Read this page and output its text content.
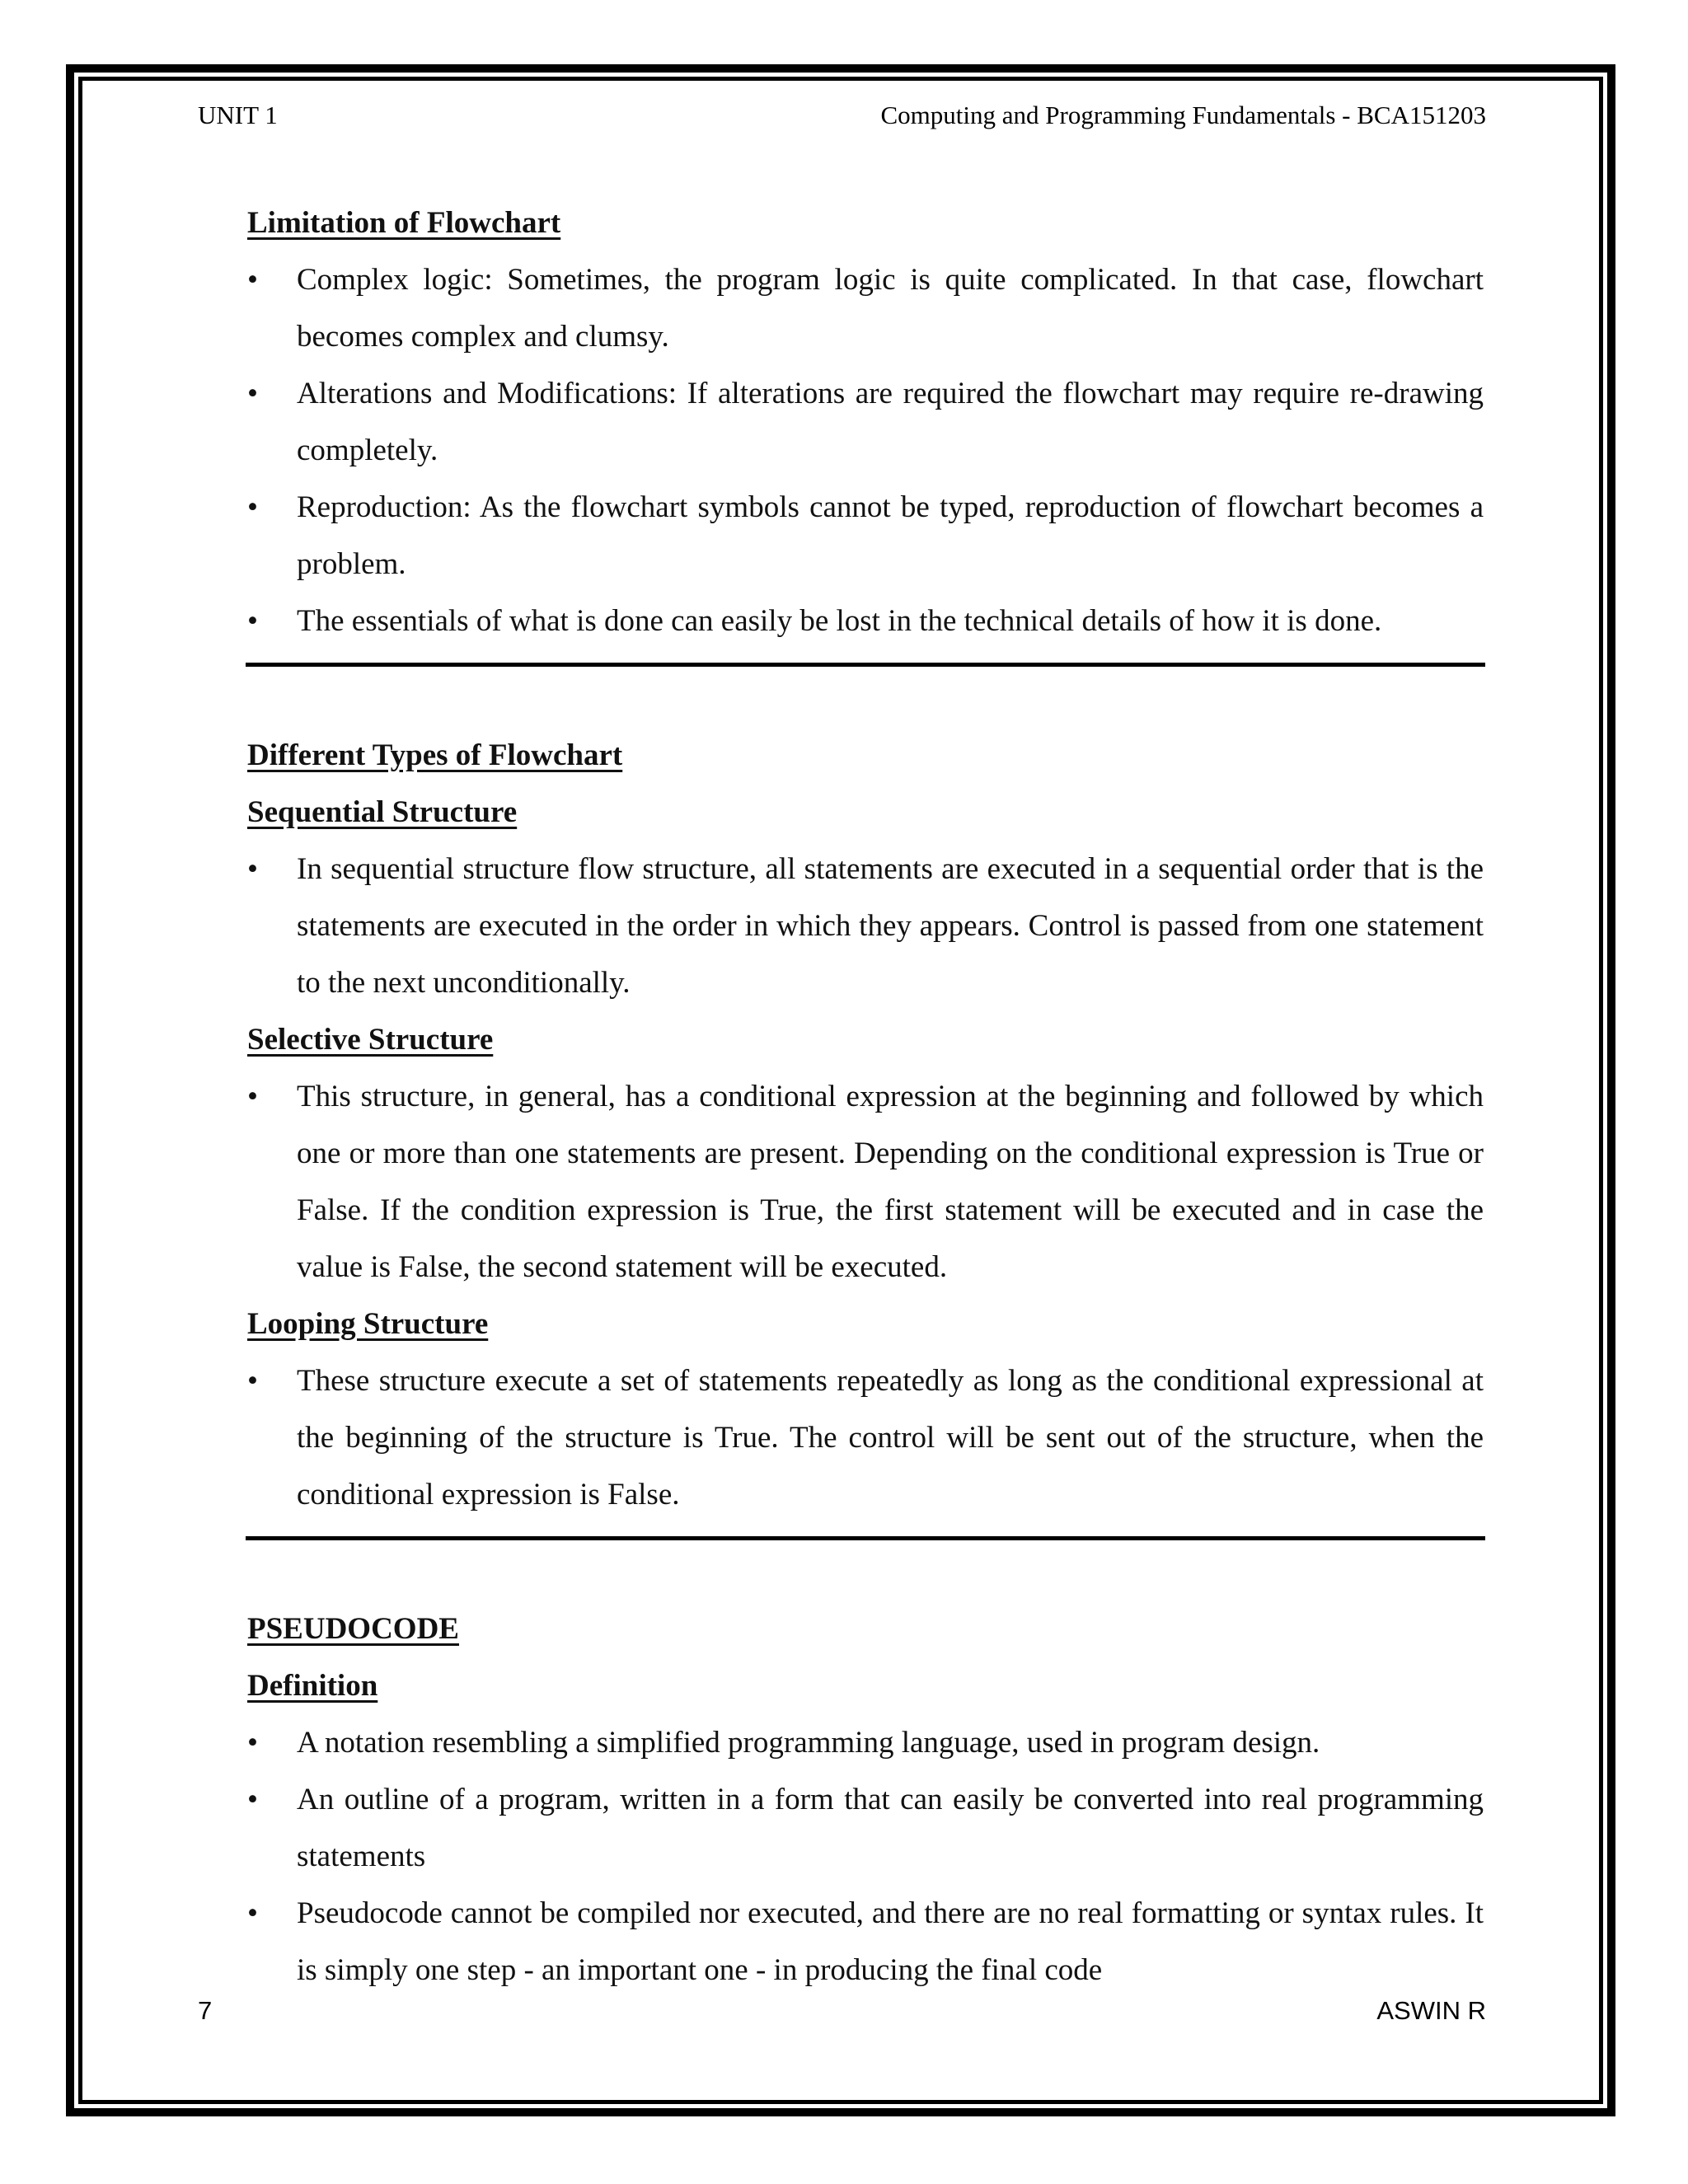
UNIT 1	Computing and Programming Fundamentals - BCA151203
Limitation of Flowchart
•	Complex logic: Sometimes, the program logic is quite complicated. In that case, flowchart becomes complex and clumsy.
•	Alterations and Modifications: If alterations are required the flowchart may require re-drawing completely.
•	Reproduction: As the flowchart symbols cannot be typed, reproduction of flowchart becomes a problem.
•	The essentials of what is done can easily be lost in the technical details of how it is done.
Different Types of Flowchart
Sequential Structure
•	In sequential structure flow structure, all statements are executed in a sequential order that is the statements are executed in the order in which they appears. Control is passed from one statement to the next unconditionally.
Selective Structure
•	This structure, in general, has a conditional expression at the beginning and followed by which one or more than one statements are present. Depending on the conditional expression is True or False. If the condition expression is True, the first statement will be executed and in case the value is False, the second statement will be executed.
Looping Structure
•	These structure execute a set of statements repeatedly as long as the conditional expressional at the beginning of the structure is True. The control will be sent out of the structure, when the conditional expression is False.
PSEUDOCODE
Definition
•	A notation resembling a simplified programming language, used in program design.
•	An outline of a program, written in a form that can easily be converted into real programming statements
•	Pseudocode cannot be compiled nor executed, and there are no real formatting or syntax rules. It is simply one step - an important one - in producing the final code
7	ASWIN R
